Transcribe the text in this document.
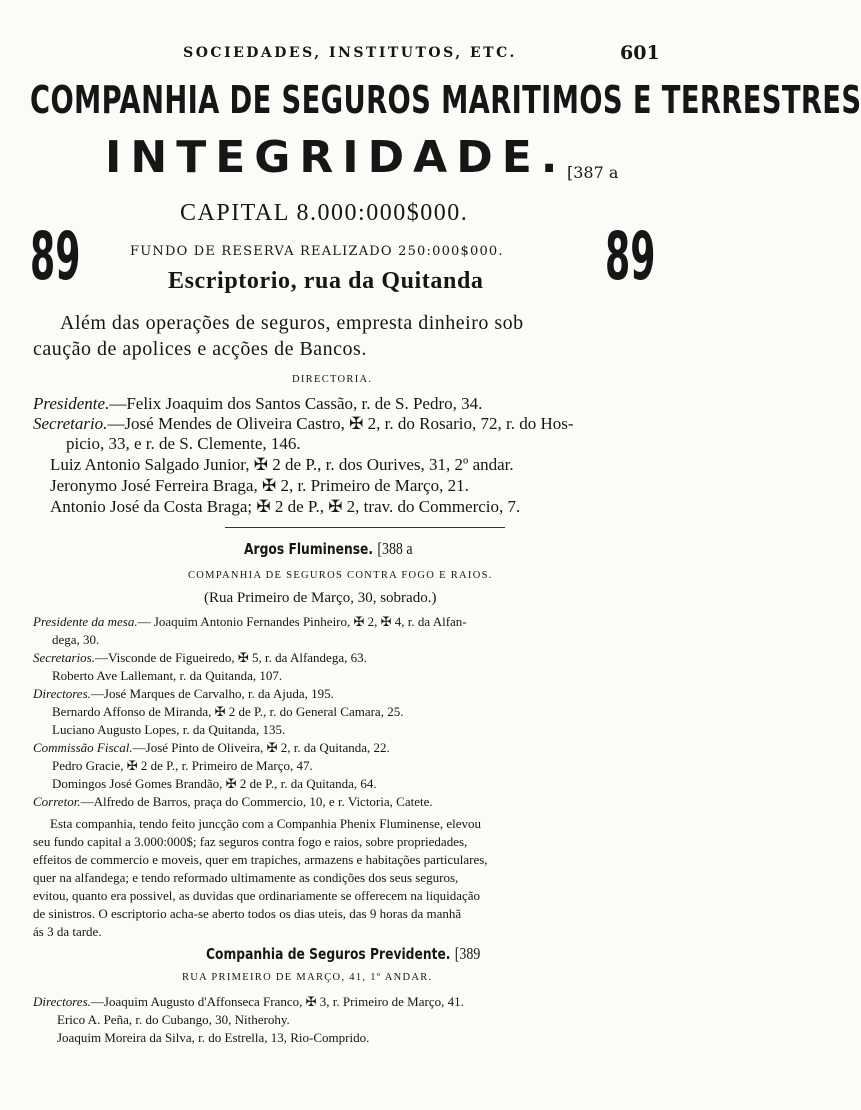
SOCIEDADES, INSTITUTOS, ETC.	601
COMPANHIA DE SEGUROS MARITIMOS E TERRESTRES
INTEGRIDADE. [387 a
CAPITAL 8.000:000$000.
89	89
FUNDO DE RESERVA REALIZADO 250:000$000.
Escriptorio, rua da Quitanda
Além das operações de seguros, empresta dinheiro sob
caução de apolices e acções de Bancos.
DIRECTORIA.
Presidente.—Felix Joaquim dos Santos Cassão, r. de S. Pedro, 34.
Secretario.—José Mendes de Oliveira Castro, ✠ 2, r. do Rosario, 72, r. do Hos-
picio, 33, e r. de S. Clemente, 146.
Luiz Antonio Salgado Junior, ✠ 2 de P., r. dos Ourives, 31, 2º andar.
Jeronymo José Ferreira Braga, ✠ 2, r. Primeiro de Março, 21.
Antonio José da Costa Braga; ✠ 2 de P., ✠ 2, trav. do Commercio, 7.
Argos Fluminense. [388 a
COMPANHIA DE SEGUROS CONTRA FOGO E RAIOS.
(Rua Primeiro de Março, 30, sobrado.)
Presidente da mesa.— Joaquim Antonio Fernandes Pinheiro, ✠ 2, ✠ 4, r. da Alfan-
dega, 30.
Secretarios.—Visconde de Figueiredo, ✠ 5, r. da Alfandega, 63.
Roberto Ave Lallemant, r. da Quitanda, 107.
Directores.—José Marques de Carvalho, r. da Ajuda, 195.
Bernardo Affonso de Miranda, ✠ 2 de P., r. do General Camara, 25.
Luciano Augusto Lopes, r. da Quitanda, 135.
Commissão Fiscal.—José Pinto de Oliveira, ✠ 2, r. da Quitanda, 22.
Pedro Gracie, ✠ 2 de P., r. Primeiro de Março, 47.
Domingos José Gomes Brandão, ✠ 2 de P., r. da Quitanda, 64.
Corretor.—Alfredo de Barros, praça do Commercio, 10, e r. Victoria, Catete.
Esta companhia, tendo feito juncção com a Companhia Phenix Fluminense, elevou
seu fundo capital a 3.000:000$; faz seguros contra fogo e raios, sobre propriedades,
effeitos de commercio e moveis, quer em trapiches, armazens e habitações particulares,
quer na alfandega; e tendo reformado ultimamente as condições dos seus seguros,
evitou, quanto era possivel, as duvidas que ordinariamente se offerecem na liquidação
de sinistros. O escriptorio acha-se aberto todos os dias uteis, das 9 horas da manhã
ás 3 da tarde.
Companhia de Seguros Previdente. [389
RUA PRIMEIRO DE MARÇO, 41, 1º ANDAR.
Directores.—Joaquim Augusto d'Affonseca Franco, ✠ 3, r. Primeiro de Março, 41.
Erico A. Peña, r. do Cubango, 30, Nitherohy.
Joaquim Moreira da Silva, r. do Estrella, 13, Rio-Comprido.
